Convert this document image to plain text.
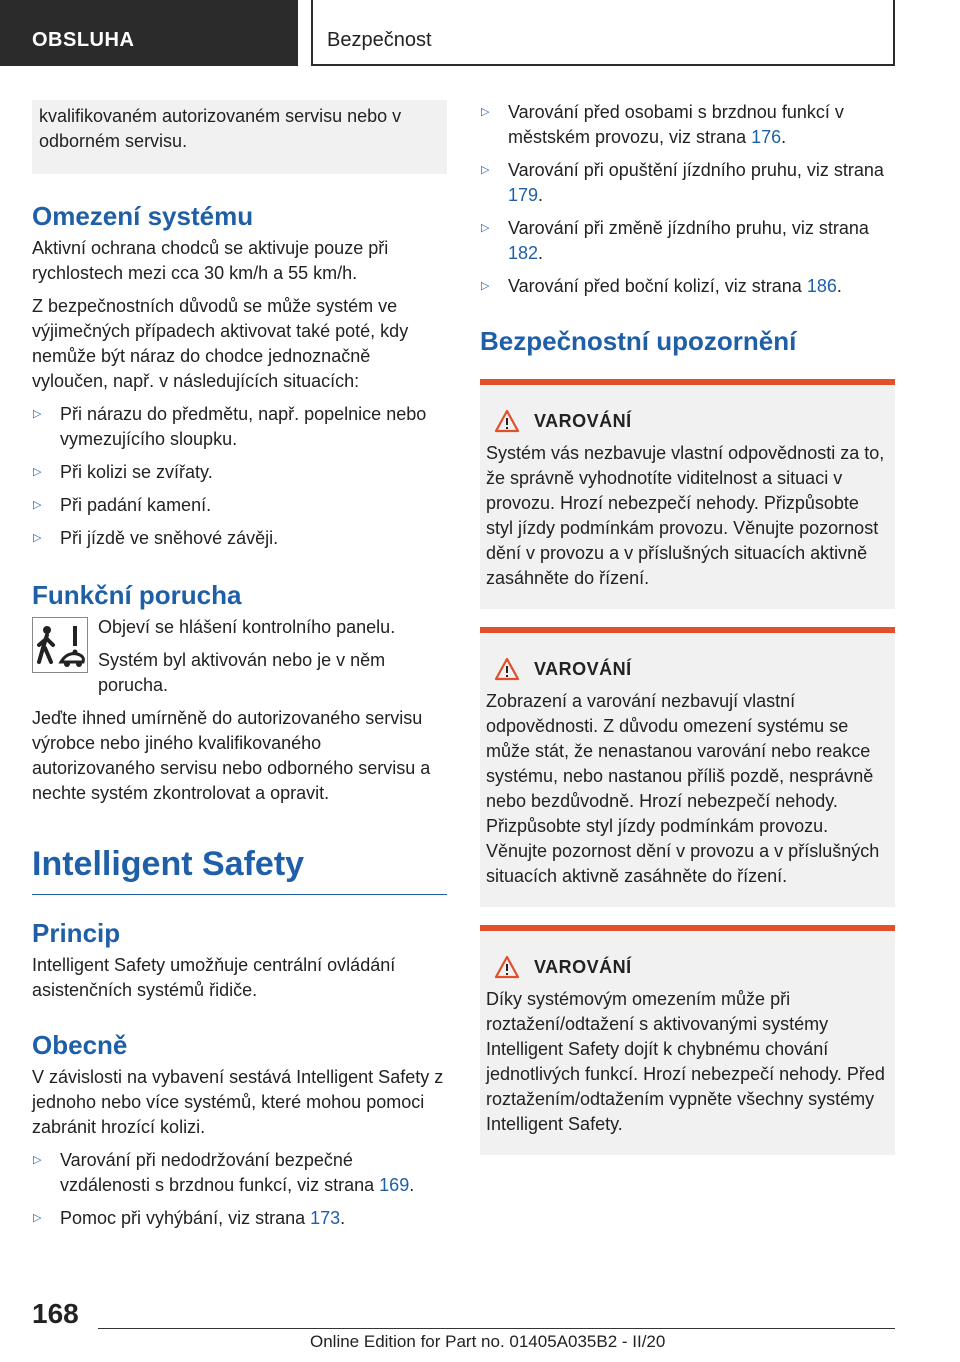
OBSLUHA	Bezpečnost
kvalifikovaném autorizovaném servisu nebo v odborném servisu.
Omezení systému

Aktivní ochrana chodců se aktivuje pouze při rychlostech mezi cca 30 km/h a 55 km/h.

Z bezpečnostních důvodů se může systém ve výjimečných případech aktivovat také poté, kdy nemůže být náraz do chodce jednoznačně vyloučen, např. v následujících situacích:

▷ Při nárazu do předmětu, např. popelnice nebo vymezujícího sloupku.
▷ Při kolizi se zvířaty.
▷ Při padání kamení.
▷ Při jízdě ve sněhové závěji.
Funkční porucha

Objeví se hlášení kontrolního panelu.

Systém byl aktivován nebo je v něm porucha.

Jeďte ihned umírněně do autorizovaného servisu výrobce nebo jiného kvalifikovaného autorizovaného servisu nebo odborného servisu a nechte systém zkontrolovat a opravit.

Intelligent Safety
Princip

Intelligent Safety umožňuje centrální ovládání asistenčních systémů řidiče.

Obecně

V závislosti na vybavení sestává Intelligent Safety z jednoho nebo více systémů, které mohou pomoci zabránit hrozící kolizi.

▷ Varování při nedodržování bezpečné vzdálenosti s brzdnou funkcí, viz strana 169.
▷ Pomoc při vyhýbání, viz strana 173.
▷ Varování před osobami s brzdnou funkcí v městském provozu, viz strana 176.
▷ Varování při opuštění jízdního pruhu, viz strana 179.
▷ Varování při změně jízdního pruhu, viz strana 182.
▷ Varování před boční kolizí, viz strana 186.
Bezpečnostní upozornění
VAROVÁNÍ

Systém vás nezbavuje vlastní odpovědnosti za to, že správně vyhodnotíte viditelnost a situaci v provozu. Hrozí nebezpečí nehody. Přizpůsobte styl jízdy podmínkám provozu. Věnujte pozornost dění v provozu a v příslušných situacích aktivně zasáhněte do řízení.

VAROVÁNÍ

Zobrazení a varování nezbavují vlastní odpovědnosti. Z důvodu omezení systému se může stát, že nenastanou varování nebo reakce systému, nebo nastanou příliš pozdě, nesprávně nebo bezdůvodně. Hrozí nebezpečí nehody. Přizpůsobte styl jízdy podmínkám provozu. Věnujte pozornost dění v provozu a v příslušných situacích aktivně zasáhněte do řízení.

VAROVÁNÍ

Díky systémovým omezením může při roztažení/odtažení s aktivovanými systémy Intelligent Safety dojít k chybnému chování jednotlivých funkcí. Hrozí nebezpečí nehody. Před roztažením/odtažením vypněte všechny systémy Intelligent Safety.

168
Online Edition for Part no. 01405A035B2 - II/20
